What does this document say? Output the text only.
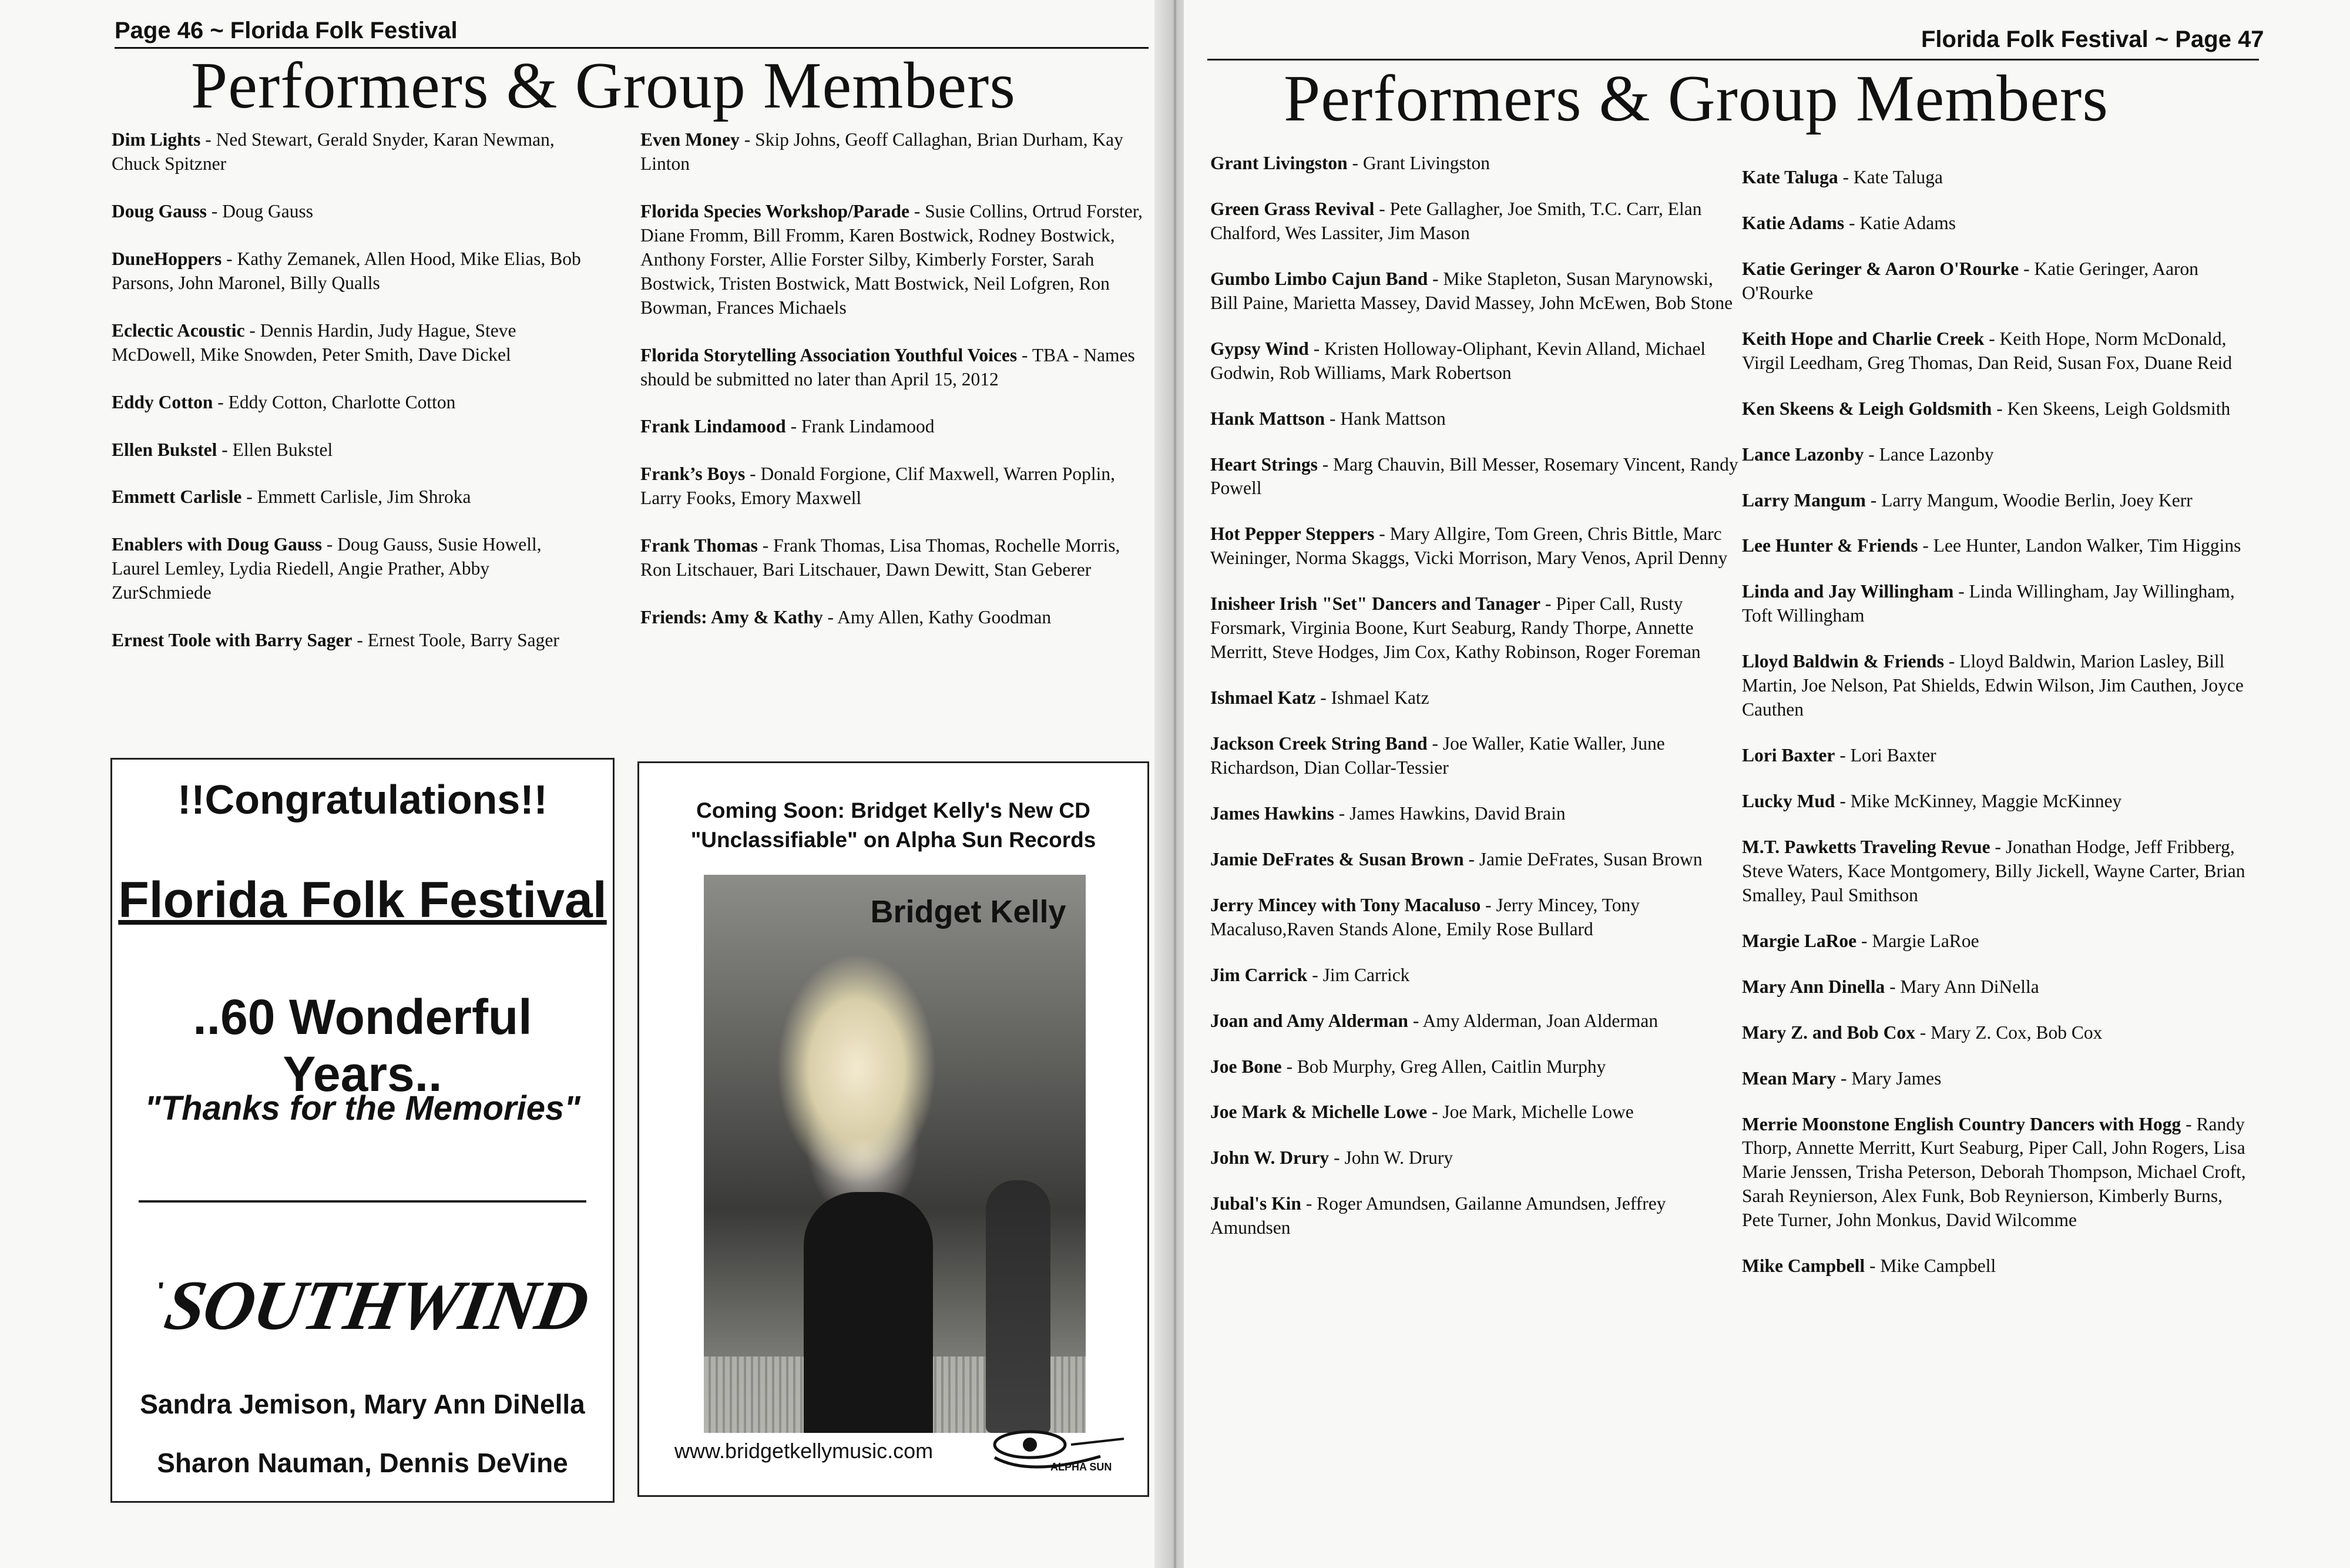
Page 46 ~ Florida Folk Festival
Performers & Group Members

Dim Lights - Ned Stewart, Gerald Snyder, Karan Newman, Chuck Spitzner

Doug Gauss - Doug Gauss

DuneHoppers - Kathy Zemanek, Allen Hood, Mike Elias, Bob Parsons, John Maronel, Billy Qualls

Eclectic Acoustic - Dennis Hardin, Judy Hague, Steve McDowell, Mike Snowden, Peter Smith, Dave Dickel

Eddy Cotton - Eddy Cotton, Charlotte Cotton

Ellen Bukstel - Ellen Bukstel

Emmett Carlisle - Emmett Carlisle, Jim Shroka

Enablers with Doug Gauss - Doug Gauss, Susie Howell, Laurel Lemley, Lydia Riedell, Angie Prather, Abby ZurSchmiede

Ernest Toole with Barry Sager - Ernest Toole, Barry Sager

Even Money - Skip Johns, Geoff Callaghan, Brian Durham, Kay Linton

Florida Species Workshop/Parade - Susie Collins, Ortrud Forster, Diane Fromm, Bill Fromm, Karen Bostwick, Rodney Bostwick, Anthony Forster, Allie Forster Silby, Kimberly Forster, Sarah Bostwick, Tristen Bostwick, Matt Bostwick, Neil Lofgren, Ron Bowman, Frances Michaels

Florida Storytelling Association Youthful Voices - TBA - Names should be submitted no later than April 15, 2012

Frank Lindamood - Frank Lindamood

Frank’s Boys - Donald Forgione, Clif Maxwell, Warren Poplin, Larry Fooks, Emory Maxwell

Frank Thomas - Frank Thomas, Lisa Thomas, Rochelle Morris, Ron Litschauer, Bari Litschauer, Dawn Dewitt, Stan Geberer

Friends: Amy & Kathy - Amy Allen, Kathy Goodman

!!Congratulations!!
Florida Folk Festival
..60 Wonderful Years..
"Thanks for the Memories"
SOUTHWIND
Sandra Jemison, Mary Ann DiNella
Sharon Nauman, Dennis DeVine
Coming Soon: Bridget Kelly's New CD
"Unclassifiable" on Alpha Sun Records
Bridget Kelly
www.bridgetkellymusic.com
ALPHA SUN
Florida Folk Festival ~ Page 47
Performers & Group Members

Grant Livingston - Grant Livingston

Green Grass Revival - Pete Gallagher, Joe Smith, T.C. Carr, Elan Chalford, Wes Lassiter, Jim Mason

Gumbo Limbo Cajun Band - Mike Stapleton, Susan Marynowski, Bill Paine, Marietta Massey, David Massey, John McEwen, Bob Stone

Gypsy Wind - Kristen Holloway-Oliphant, Kevin Alland, Michael Godwin, Rob Williams, Mark Robertson

Hank Mattson - Hank Mattson

Heart Strings - Marg Chauvin, Bill Messer, Rosemary Vincent, Randy Powell

Hot Pepper Steppers - Mary Allgire, Tom Green, Chris Bittle, Marc Weininger, Norma Skaggs, Vicki Morrison, Mary Venos, April Denny

Inisheer Irish "Set" Dancers and Tanager - Piper Call, Rusty Forsmark, Virginia Boone, Kurt Seaburg, Randy Thorpe, Annette Merritt, Steve Hodges, Jim Cox, Kathy Robinson, Roger Foreman

Ishmael Katz - Ishmael Katz

Jackson Creek String Band - Joe Waller, Katie Waller, June Richardson, Dian Collar-Tessier

James Hawkins - James Hawkins, David Brain

Jamie DeFrates & Susan Brown - Jamie DeFrates, Susan Brown

Jerry Mincey with Tony Macaluso - Jerry Mincey, Tony Macaluso,Raven Stands Alone, Emily Rose Bullard

Jim Carrick - Jim Carrick

Joan and Amy Alderman - Amy Alderman, Joan Alderman

Joe Bone - Bob Murphy, Greg Allen, Caitlin Murphy

Joe Mark & Michelle Lowe - Joe Mark, Michelle Lowe

John W. Drury - John W. Drury

Jubal's Kin - Roger Amundsen, Gailanne Amundsen, Jeffrey Amundsen

Kate Taluga - Kate Taluga

Katie Adams - Katie Adams

Katie Geringer & Aaron O'Rourke - Katie Geringer, Aaron O'Rourke

Keith Hope and Charlie Creek - Keith Hope, Norm McDonald, Virgil Leedham, Greg Thomas, Dan Reid, Susan Fox, Duane Reid

Ken Skeens & Leigh Goldsmith - Ken Skeens, Leigh Goldsmith

Lance Lazonby - Lance Lazonby

Larry Mangum - Larry Mangum, Woodie Berlin, Joey Kerr

Lee Hunter & Friends - Lee Hunter, Landon Walker, Tim Higgins

Linda and Jay Willingham - Linda Willingham, Jay Willingham, Toft Willingham

Lloyd Baldwin & Friends - Lloyd Baldwin, Marion Lasley, Bill Martin, Joe Nelson, Pat Shields, Edwin Wilson, Jim Cauthen, Joyce Cauthen

Lori Baxter - Lori Baxter

Lucky Mud - Mike McKinney, Maggie McKinney

M.T. Pawketts Traveling Revue - Jonathan Hodge, Jeff Fribberg, Steve Waters, Kace Montgomery, Billy Jickell, Wayne Carter, Brian Smalley, Paul Smithson

Margie LaRoe - Margie LaRoe

Mary Ann Dinella - Mary Ann DiNella

Mary Z. and Bob Cox - Mary Z. Cox, Bob Cox

Mean Mary - Mary James

Merrie Moonstone English Country Dancers with Hogg - Randy Thorp, Annette Merritt, Kurt Seaburg, Piper Call, John Rogers, Lisa Marie Jenssen, Trisha Peterson, Deborah Thompson, Michael Croft, Sarah Reynierson, Alex Funk, Bob Reynierson, Kimberly Burns, Pete Turner, John Monkus, David Wilcomme

Mike Campbell - Mike Campbell
